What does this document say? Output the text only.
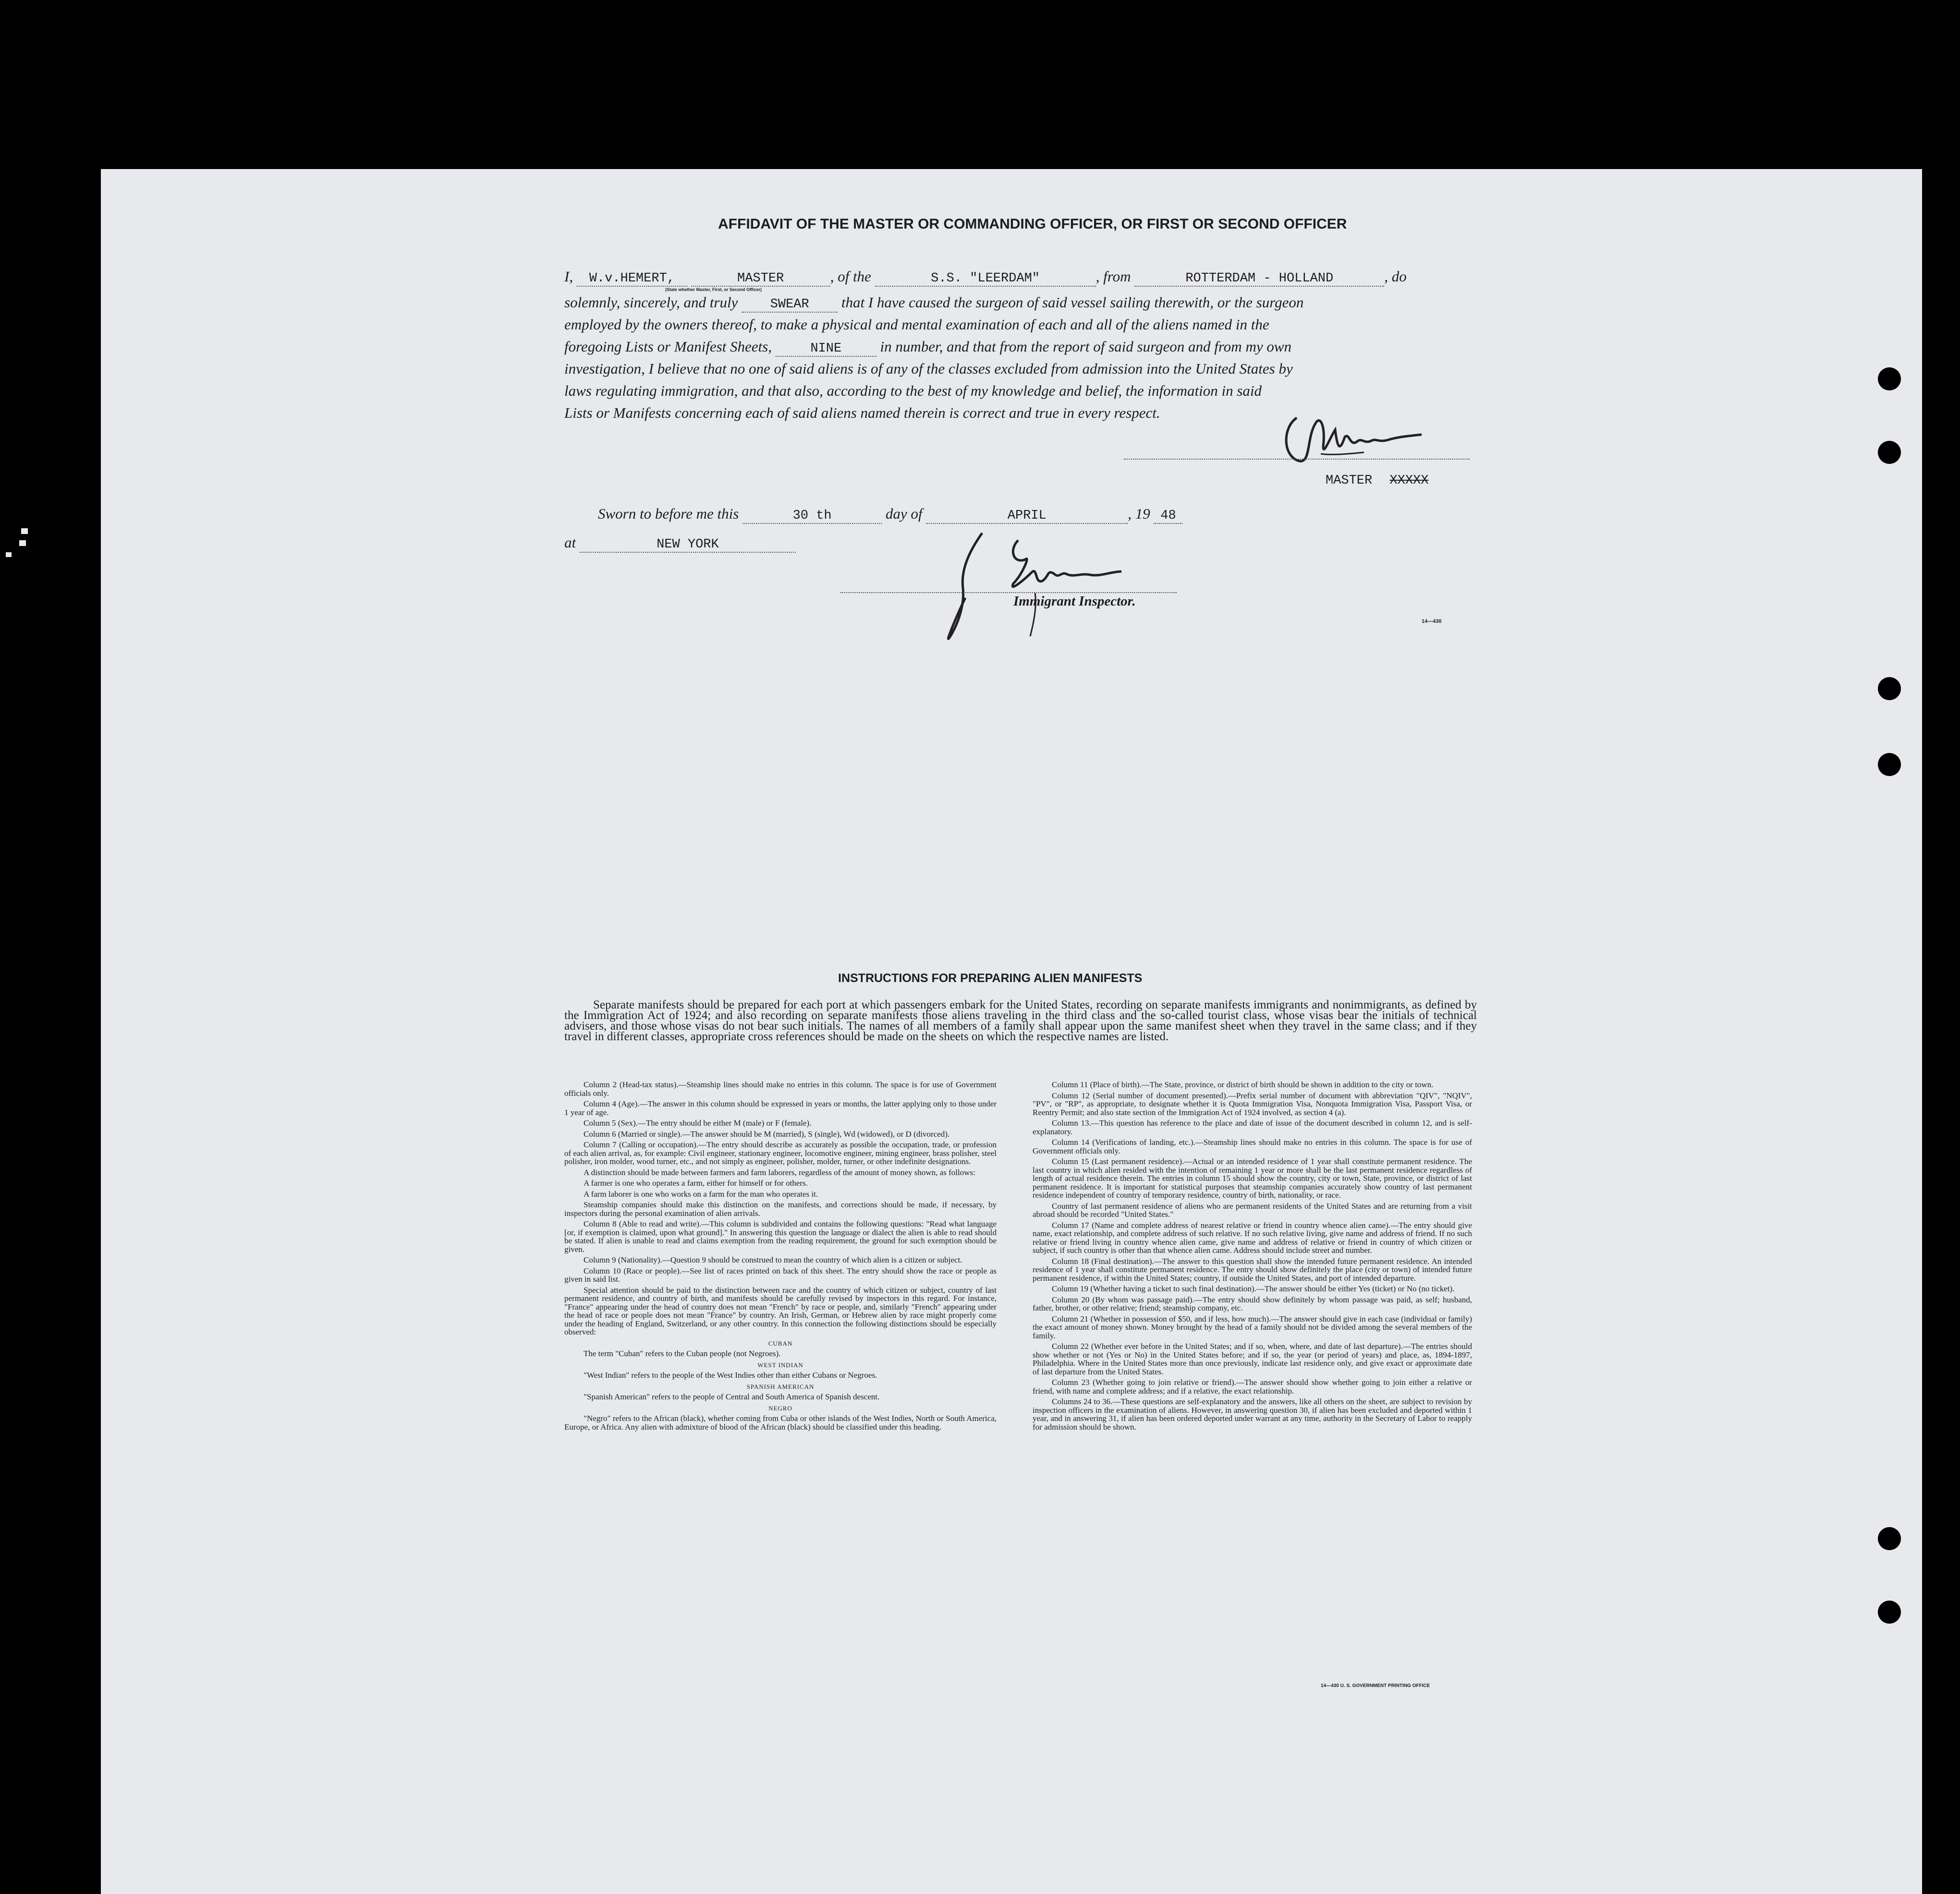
AFFIDAVIT OF THE MASTER OR COMMANDING OFFICER, OR FIRST OR SECOND OFFICER
I, W.v.HEMERT,	MASTER	, of the	S.S. "LEERDAM"	, from	ROTTERDAM - HOLLAND	, do
(State whether Master, First, or Second Officer)
solemnly, sincerely, and truly SWEAR that I have caused the surgeon of said vessel sailing therewith, or the surgeon
employed by the owners thereof, to make a physical and mental examination of each and all of the aliens named in the
foregoing Lists or Manifest Sheets,	NINE	in number, and that from the report of said surgeon and from my own
investigation, I believe that no one of said aliens is of any of the classes excluded from admission into the United States by
laws regulating immigration, and that also, according to the best of my knowledge and belief, the information in said
Lists or Manifests concerning each of said aliens named therein is correct and true in every respect.
MASTER XXXXX
Sworn to before me this	30 th	day of	APRIL	, 19 48
at	NEW YORK
Immigrant Inspector.
14—430
INSTRUCTIONS FOR PREPARING ALIEN MANIFESTS
Separate manifests should be prepared for each port at which passengers embark for the United States, recording on separate manifests immigrants and nonimmigrants, as defined by the Immigration Act of 1924; and also recording on separate manifests those aliens traveling in the third class and the so-called tourist class, whose visas bear the initials of technical advisers, and those whose visas do not bear such initials. The names of all members of a family shall appear upon the same manifest sheet when they travel in the same class; and if they travel in different classes, appropriate cross references should be made on the sheets on which the respective names are listed.

Column 2 (Head-tax status).—Steamship lines should make no entries in this column. The space is for use of Government officials only.

Column 4 (Age).—The answer in this column should be expressed in years or months, the latter applying only to those under 1 year of age.

Column 5 (Sex).—The entry should be either M (male) or F (female).

Column 6 (Married or single).—The answer should be M (married), S (single), Wd (widowed), or D (divorced).

Column 7 (Calling or occupation).—The entry should describe as accurately as possible the occupation, trade, or profession of each alien arrival, as, for example: Civil engineer, stationary engineer, locomotive engineer, mining engineer, brass polisher, steel polisher, iron molder, wood turner, etc., and not simply as engineer, polisher, molder, turner, or other indefinite designations.

A distinction should be made between farmers and farm laborers, regardless of the amount of money shown, as follows:

A farmer is one who operates a farm, either for himself or for others.

A farm laborer is one who works on a farm for the man who operates it.

Steamship companies should make this distinction on the manifests, and corrections should be made, if necessary, by inspectors during the personal examination of alien arrivals.

Column 8 (Able to read and write).—This column is subdivided and contains the following questions: "Read what language [or, if exemption is claimed, upon what ground]." In answering this question the language or dialect the alien is able to read should be stated. If alien is unable to read and claims exemption from the reading requirement, the ground for such exemption should be given.

Column 9 (Nationality).—Question 9 should be construed to mean the country of which alien is a citizen or subject.

Column 10 (Race or people).—See list of races printed on back of this sheet. The entry should show the race or people as given in said list.

Special attention should be paid to the distinction between race and the country of which citizen or subject, country of last permanent residence, and country of birth, and manifests should be carefully revised by inspectors in this regard. For instance, "France" appearing under the head of country does not mean "French" by race or people, and, similarly "French" appearing under the head of race or people does not mean "France" by country. An Irish, German, or Hebrew alien by race might properly come under the heading of England, Switzerland, or any other country. In this connection the following distinctions should be especially observed:

CUBAN

The term "Cuban" refers to the Cuban people (not Negroes).

WEST INDIAN

"West Indian" refers to the people of the West Indies other than either Cubans or Negroes.

SPANISH AMERICAN

"Spanish American" refers to the people of Central and South America of Spanish descent.

NEGRO

"Negro" refers to the African (black), whether coming from Cuba or other islands of the West Indies, North or South America, Europe, or Africa. Any alien with admixture of blood of the African (black) should be classified under this heading.

Column 11 (Place of birth).—The State, province, or district of birth should be shown in addition to the city or town.

Column 12 (Serial number of document presented).—Prefix serial number of document with abbreviation "QIV", "NQIV", "PV", or "RP", as appropriate, to designate whether it is Quota Immigration Visa, Nonquota Immigration Visa, Passport Visa, or Reentry Permit; and also state section of the Immigration Act of 1924 involved, as section 4 (a).

Column 13.—This question has reference to the place and date of issue of the document described in column 12, and is self-explanatory.

Column 14 (Verifications of landing, etc.).—Steamship lines should make no entries in this column. The space is for use of Government officials only.

Column 15 (Last permanent residence).—Actual or an intended residence of 1 year shall constitute permanent residence. The last country in which alien resided with the intention of remaining 1 year or more shall be the last permanent residence regardless of length of actual residence therein. The entries in column 15 should show the country, city or town, State, province, or district of last permanent residence. It is important for statistical purposes that steamship companies accurately show country of last permanent residence independent of country of temporary residence, country of birth, nationality, or race.

Country of last permanent residence of aliens who are permanent residents of the United States and are returning from a visit abroad should be recorded "United States."

Column 17 (Name and complete address of nearest relative or friend in country whence alien came).—The entry should give name, exact relationship, and complete address of such relative. If no such relative living, give name and address of friend. If no such relative or friend living in country whence alien came, give name and address of relative or friend in country of which citizen or subject, if such country is other than that whence alien came. Address should include street and number.

Column 18 (Final destination).—The answer to this question shall show the intended future permanent residence. An intended residence of 1 year shall constitute permanent residence. The entry should show definitely the place (city or town) of intended future permanent residence, if within the United States; country, if outside the United States, and port of intended departure.

Column 19 (Whether having a ticket to such final destination).—The answer should be either Yes (ticket) or No (no ticket).

Column 20 (By whom was passage paid).—The entry should show definitely by whom passage was paid, as self; husband, father, brother, or other relative; friend; steamship company, etc.

Column 21 (Whether in possession of $50, and if less, how much).—The answer should give in each case (individual or family) the exact amount of money shown. Money brought by the head of a family should not be divided among the several members of the family.

Column 22 (Whether ever before in the United States; and if so, when, where, and date of last departure).—The entries should show whether or not (Yes or No) in the United States before; and if so, the year (or period of years) and place, as, 1894-1897, Philadelphia. Where in the United States more than once previously, indicate last residence only, and give exact or approximate date of last departure from the United States.

Column 23 (Whether going to join relative or friend).—The answer should show whether going to join either a relative or friend, with name and complete address; and if a relative, the exact relationship.

Columns 24 to 36.—These questions are self-explanatory and the answers, like all others on the sheet, are subject to revision by inspection officers in the examination of aliens. However, in answering question 30, if alien has been excluded and deported within 1 year, and in answering 31, if alien has been ordered deported under warrant at any time, authority in the Secretary of Labor to reapply for admission should be shown.

14—430 U. S. GOVERNMENT PRINTING OFFICE
